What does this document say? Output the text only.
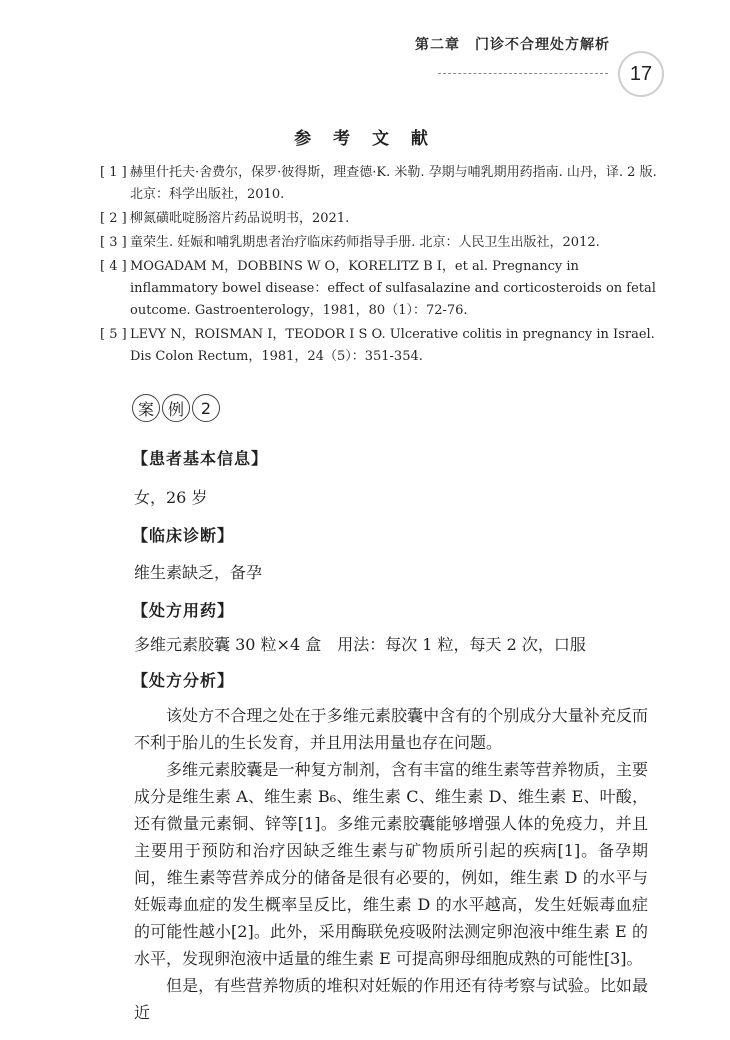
第二章　门诊不合理处方解析
17
参 考 文 献
[ 1 ] 赫里什托夫·舍费尔，保罗·彼得斯，理查德·K. 米勒. 孕期与哺乳期用药指南. 山丹，译. 2 版. 北京：科学出版社，2010.
[ 2 ] 柳氮磺吡啶肠溶片药品说明书，2021.
[ 3 ] 童荣生. 妊娠和哺乳期患者治疗临床药师指导手册. 北京：人民卫生出版社，2012.
[ 4 ] MOGADAM M，DOBBINS W O，KORELITZ B I，et al. Pregnancy in inflammatory bowel disease：effect of sulfasalazine and corticosteroids on fetal outcome. Gastroenterology，1981，80（1）：72-76.
[ 5 ] LEVY N，ROISMAN I，TEODOR I S O. Ulcerative colitis in pregnancy in Israel. Dis Colon Rectum，1981，24（5）：351-354.
案 例	2
【患者基本信息】
女，26 岁
【临床诊断】
维生素缺乏，备孕
【处方用药】
多维元素胶囊 30 粒×4 盒　用法：每次 1 粒，每天 2 次，口服
【处方分析】

该处方不合理之处在于多维元素胶囊中含有的个别成分大量补充反而不利于胎儿的生长发育，并且用法用量也存在问题。

多维元素胶囊是一种复方制剂，含有丰富的维生素等营养物质，主要成分是维生素 A、维生素 B₆、维生素 C、维生素 D、维生素 E、叶酸，还有微量元素铜、锌等[1]。多维元素胶囊能够增强人体的免疫力，并且主要用于预防和治疗因缺乏维生素与矿物质所引起的疾病[1]。备孕期间，维生素等营养成分的储备是很有必要的，例如，维生素 D 的水平与妊娠毒血症的发生概率呈反比，维生素 D 的水平越高，发生妊娠毒血症的可能性越小[2]。此外，采用酶联免疫吸附法测定卵泡液中维生素 E 的水平，发现卵泡液中适量的维生素 E 可提高卵母细胞成熟的可能性[3]。

但是，有些营养物质的堆积对妊娠的作用还有待考察与试验。比如最近
